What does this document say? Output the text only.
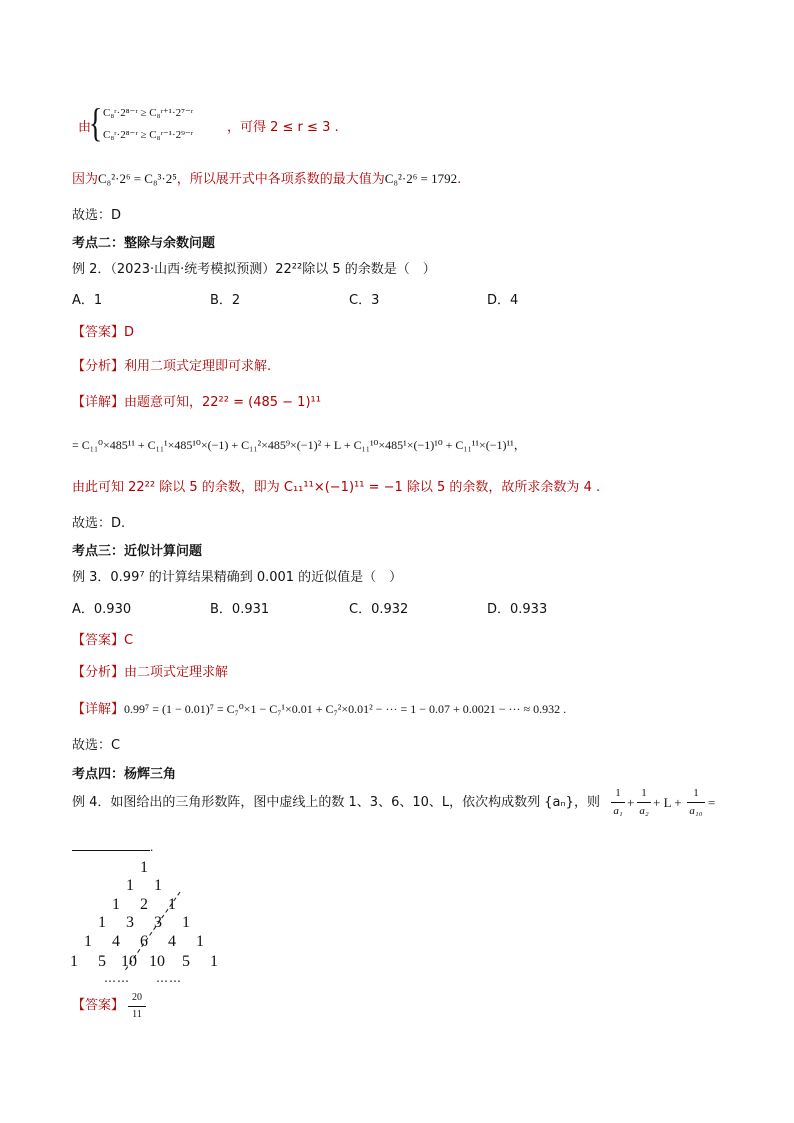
由
{ C₈ʳ·2⁸⁻ʳ ≥ C₈ʳ⁺¹·2⁷⁻ʳ
C₈ʳ·2⁸⁻ʳ ≥ C₈ʳ⁻¹·2⁹⁻ʳ	，可得 2 ≤ r ≤ 3 .
因为C₈²·2⁶ = C₈³·2⁵，所以展开式中各项系数的最大值为C₈²·2⁶ = 1792.
故选：D
考点二：整除与余数问题
例 2．（2023·山西·统考模拟预测）22²²除以 5 的余数是（　）
A．1	B．2	C．3	D．4
【答案】D
【分析】利用二项式定理即可求解.
【详解】由题意可知，22²² = (485 − 1)¹¹
= C₁₁⁰×485¹¹ + C₁₁¹×485¹⁰×(−1) + C₁₁²×485⁹×(−1)² + L + C₁₁¹⁰×485¹×(−1)¹⁰ + C₁₁¹¹×(−1)¹¹，
由此可知 22²² 除以 5 的余数，即为 C₁₁¹¹×(−1)¹¹ = −1 除以 5 的余数，故所求余数为 4 .
故选：D.
考点三：近似计算问题
例 3．0.99⁷ 的计算结果精确到 0.001 的近似值是（　）
A．0.930	B．0.931	C．0.932	D．0.933
【答案】C
【分析】由二项式定理求解
【详解】0.99⁷ = (1 − 0.01)⁷ = C₇⁰×1 − C₇¹×0.01 + C₇²×0.01² − ··· = 1 − 0.07 + 0.0021 − ··· ≈ 0.932 .
故选：C
考点四：杨辉三角
例 4．如图给出的三角形数阵，图中虚线上的数 1、3、6、10、L，依次构成数列 {aₙ}，则
1
a₁
+
1
a₂
+ L +
1
a₁₀
=
.
1
1 1
1 2 1
1 3 3 1
1 4 6 4 1
1 5 10 10 5 1
…… ……
【答案】
20
11
